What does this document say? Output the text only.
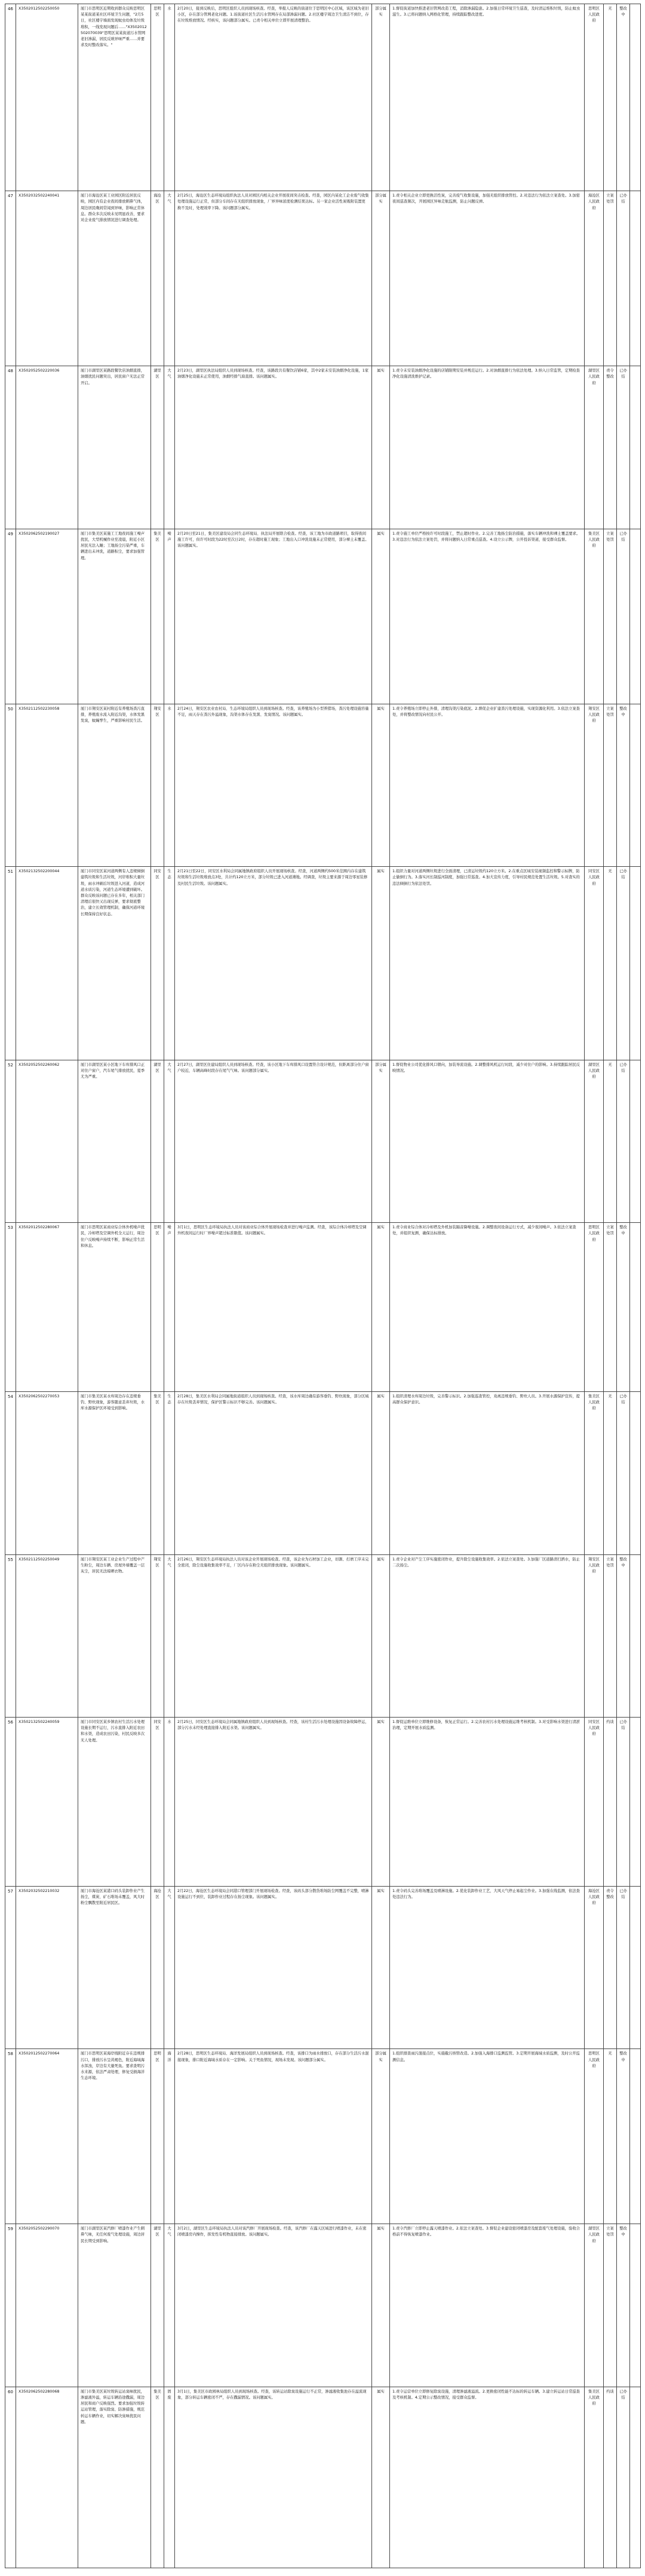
46	X3502012502250050	厦门市思明区近期收到群众反映思明区某某街道某社区环境卫生问题，"2月5日，社区楼宇墙面发现蚊虫幼体及垃圾堆积，一线发现问题后……"X3502012502070039"思明区某某街道污水管网老旧渗漏，居民反映异味严重……并要求及时整改落实。"	思明区	水	2月20日，接到反映后，思明区组织人员到现场核查。经查，举报人反映的街道位于思明区中心区域，该区域为老旧小区，存在部分管网老化问题。1.该街道社区生活污水管网存在局部渗漏问题。2.社区楼宇周边卫生清洁不到位，存在垃圾堆放情况。经核实，该问题部分属实。已责令相关单位立即开展清理整治。	部分属实	1.督促街道加快推进老旧管网改造工程，消除渗漏隐患。2.加强日常环境卫生巡查，及时清运堆积垃圾，防止蚊虫滋生。3.已将问题纳入网格化管理，持续跟踪整改进度。	思明区人民政府	无	整改中	
47	X3502032502240041	厦门市海沧区某工业园区附近居民反映，园区内有企业夜间排放刺鼻气体，周边居民晚间常闻到异味，影响正常休息。群众多次反映未见明显改善，要求对企业废气排放情况进行调查处理。	海沧区	大气	2月25日，海沧区生态环境局组织执法人员对园区内相关企业开展夜间突击检查。经查，园区内某化工企业废气收集处理设施运行正常，但部分车间存在无组织排放现象，厂界异味浓度检测结果达标。另一家企业活性炭吸附装置更换不及时，处理效率下降。该问题部分属实。	部分属实	1.责令相关企业立即更换活性炭，完善废气收集设施，加强无组织排放管控。2.对违法行为依法立案查处。3.加密夜间巡查频次，开展园区异味走航监测，防止问题反弹。	海沧区人民政府	立案处罚	已办结	
48	X3502052502220036	厦门市湖里区某路段餐饮店油烟直排，油烟扰民问题突出，居民窗户无法正常开启。	湖里区	大气	2月23日，湖里区执法局组织人员到现场核查。经查，该路段共有餐饮店铺6家，其中2家未安装油烟净化设施，1家油烟净化设施未正常使用，油烟经排气扇直排。该问题属实。	属实	1.责令未安装油烟净化设施的店铺限期安装并规范运行。2.对油烟直排行为依法处理。3.纳入日常监管，定期检查净化设施清洗维护记录。	湖里区人民政府	责令整改	已办结	
49	X3502062502190027	厦门市集美区某施工工地夜间施工噪声扰民，大型机械作业至凌晨，附近小区居民无法入睡；工地扬尘污染严重，车辆进出未冲洗，道路积尘，要求加强管理。	集美区	噪声	2月20日至21日，集美区建设局会同生态环境局、执法局开展联合检查。经查，该工地为市政道路项目，取得夜间施工许可，但许可时段为22时至次日2时，存在超时施工现象；工地出入口冲洗设施未正常使用，部分裸土未覆盖。该问题属实。	属实	1.责令施工单位严格按许可时段施工，禁止超时作业。2.完善工地扬尘防治措施，落实车辆冲洗和裸土覆盖要求。3.对违法行为依法立案处罚，并将问题纳入日常重点巡查。4.设立公示牌，公开投诉渠道，接受群众监督。	集美区人民政府	立案处罚	已办结	
50	X3502112502230058	厦门市翔安区某村附近有养殖场粪污直排，养殖废水流入附近沟渠，水体发黑发臭，蚊蝇孳生，严重影响村民生活。	翔安区	水	2月24日，翔安区农业农村局、生态环境局组织人员到现场核查。经查，该养殖场为小型养猪场，粪污处理设施容量不足，雨天存在粪污外溢现象，沟渠水体存在发黑、发臭情况。该问题属实。	属实	1.责令养殖场立即停止外排，清理沟渠污染底泥。2.督促企业扩建粪污处理设施，实现资源化利用。3.依法立案查处，并将整改情况向村民公开。	翔安区人民政府	立案处罚	整改中	
51	X3502132502200044	厦门市同安区某河道两侧有人违规倾倒建筑垃圾和生活垃圾，河岸堆积大量垃圾，雨水冲刷后垃圾进入河道，造成河道水质污染，河道生态环境遭到破坏。群众反映该问题已存在多年，相关部门清理后很快又出现反弹，要求彻底整治，建立长效管理机制，确保河道环境长期保持良好状态。	同安区	生态	2月21日至22日，同安区水利局会同属地镇政府组织人员开展现场核查。经查，河道两侧约500米范围内存在建筑垃圾和生活垃圾堆放点3处，共计约120立方米，部分垃圾已进入河道滩地。经调查，垃圾主要来源于周边零星装修及村民生活垃圾。该问题属实。	属实	1.组织力量对河道两侧垃圾进行全面清理，已清运垃圾约120立方米。2.在重点区域安装视频监控和警示标牌，防止偷倒行为。3.落实河长制巡河制度，加强日常巡查。4.加大宣传力度，引导村民规范处置生活垃圾。5.对查实的违法倾倒行为依法处罚。	同安区人民政府	无	已办结	
52	X3502052502260062	厦门市湖里区某小区地下车库排风口正对住户窗户，汽车尾气排放扰民，夏季尤为严重。	湖里区	大气	2月27日，湖里区住建局组织人员到现场核查。经查，该小区地下车库排风口设置符合设计规范，但距离部分住户窗户较近，车辆高峰时段存在尾气气味。该问题部分属实。	部分属实	1.督促物业公司优化排风口朝向，加装导流设施。2.调整排风机运行时段，减少对住户的影响。3.持续跟踪居民反映情况。	湖里区人民政府	无	已办结	
53	X3502012502280067	厦门市思明区某商业综合体外机噪声扰民，冷却塔及空调外机全天运行，周边住户反映噪声持续不断，影响正常生活和休息。	思明区	噪声	3月1日，思明区生态环境局执法人员对该商业综合体开展现场检查并进行噪声监测。经查，该综合体冷却塔及空调外机夜间运行时厂界噪声超过标准限值。该问题属实。	属实	1.责令商业综合体对冷却塔及外机加装隔音降噪设施。2.调整夜间设备运行方式，减少夜间噪声。3.依法立案查处，并组织复测，确保达标排放。	思明区人民政府	立案处罚	整改中	
54	X3502062502270053	厦门市集美区某水库周边存在违规垂钓、野炊现象，游客随意丢弃垃圾，水库水源保护区环境受到影响。	集美区	生态	2月28日，集美区水利局会同属地街道组织人员到现场核查。经查，该水库周边确有游客垂钓、野炊现象，部分区域存在垃圾丢弃情况，保护区警示标识不够完善。该问题属实。	属实	1.组织清理水库周边垃圾，完善警示标识。2.加强巡查管控，劝离违规垂钓、野炊人员。3.开展水源保护宣传，提高群众保护意识。	集美区人民政府	无	已办结	
55	X3502112502250049	厦门市翔安区某工业企业生产过程中产生粉尘，周边车辆、房屋外墙覆盖一层灰尘，居民无法晾晒衣物。	翔安区	大气	2月26日，翔安区生态环境局执法人员对该企业开展现场检查。经查，该企业为石材加工企业，切割、打磨工序未完全密闭，除尘设施收集效率不足，厂区内存在粉尘无组织排放现象。该问题属实。	属实	1.责令企业对产尘工序实施密闭作业，提升除尘设施收集效率。2.依法立案查处。3.加强厂区道路清扫洒水，防止二次扬尘。	翔安区人民政府	立案处罚	整改中	
56	X3502132502240059	厦门市同安区某乡镇农村生活污水处理设施长期不运行，污水直排入附近农田和水渠，造成农田污染，村民反映多次无人处理。	同安区	水	2月25日，同安区生态环境局会同属地镇政府组织人员到现场核查。经查，该村生活污水处理设施因设备故障停运，部分污水未经处理直接排入附近水渠。该问题属实。	属实	1.督促运维单位立即维修设备，恢复正常运行。2.完善农村污水处理设施运维考核机制。3.对受影响水渠进行清淤治理，定期开展水质监测。	同安区人民政府	约谈	已办结	
57	X3502032502210032	厦门市海沧区某港口码头装卸作业产生扬尘，煤炭、矿石堆场未覆盖，风大时粉尘飘散至附近居民区。	海沧区	大气	2月22日，海沧区生态环境局会同港口管理部门开展现场检查。经查，该码头部分散货堆场防尘网覆盖不完整，喷淋设施运行不到位，装卸作业过程存在扬尘现象。该问题属实。	属实	1.责令码头完善堆场覆盖及喷淋设施。2.优化装卸作业工艺，大风天气停止易起尘作业。3.加强在线监测，依法查处违法行为。	海沧区人民政府	责令整改	已办结	
58	X3502012502270064	厦门市思明区某海岸线附近存在违规排污口，排放污水呈黄褐色，附近海域海水浑浊，岸边有大量死鱼。要求查明污水来源，依法严肃处理，修复受损海洋生态环境。	思明区	海洋	2月28日，思明区生态环境局、海洋发展局组织人员到现场核查。经查，该排口为雨水排放口，存在部分生活污水混接现象，排口附近海域水质存在一定影响。关于死鱼情况，现场未发现。该问题部分属实。	部分属实	1.组织排查雨污混接点位，实施截污纳管改造。2.加强入海排口监测监管。3.定期开展海域水质监测，及时公开监测信息。	思明区人民政府	无	整改中	
59	X3502052502290070	厦门市湖里区某汽修厂喷漆作业产生刺鼻气味，无任何废气处理设施，周边居民长期受到影响。	湖里区	大气	3月2日，湖里区生态环境局执法人员对该汽修厂开展现场检查。经查，该汽修厂在露天区域进行喷漆作业，未在密闭喷漆房内操作，挥发性有机物直接排放。该问题属实。	属实	1.责令汽修厂立即停止露天喷漆作业。2.依法立案查处。3.督促企业建设密闭喷漆房及配套废气处理设施，验收合格前不得恢复喷漆作业。	湖里区人民政府	立案处罚	整改中	
60	X3502062502280068	厦门市集美区某垃圾转运站臭味扰民，渗滤液外溢，转运车辆沿途撒漏，周边居民和商户反映强烈。要求加强垃圾转运站管理，落实除臭、防渗措施，规范转运车辆作业，切实解决臭味扰民问题。	集美区	固废	3月1日，集美区市政园林局组织人员到现场核查。经查，该转运站除臭设施运行不正常，渗滤液收集池存在溢流现象，部分转运车辆密闭不严，存在撒漏情况。该问题属实。	属实	1.责令运营单位立即修复除臭设施，清理渗滤液溢流。2.更换密闭性能不达标的转运车辆。3.建立转运站日常巡查及考核机制。4.定期公示整改情况，接受群众监督。	集美区人民政府	约谈	已办结	
